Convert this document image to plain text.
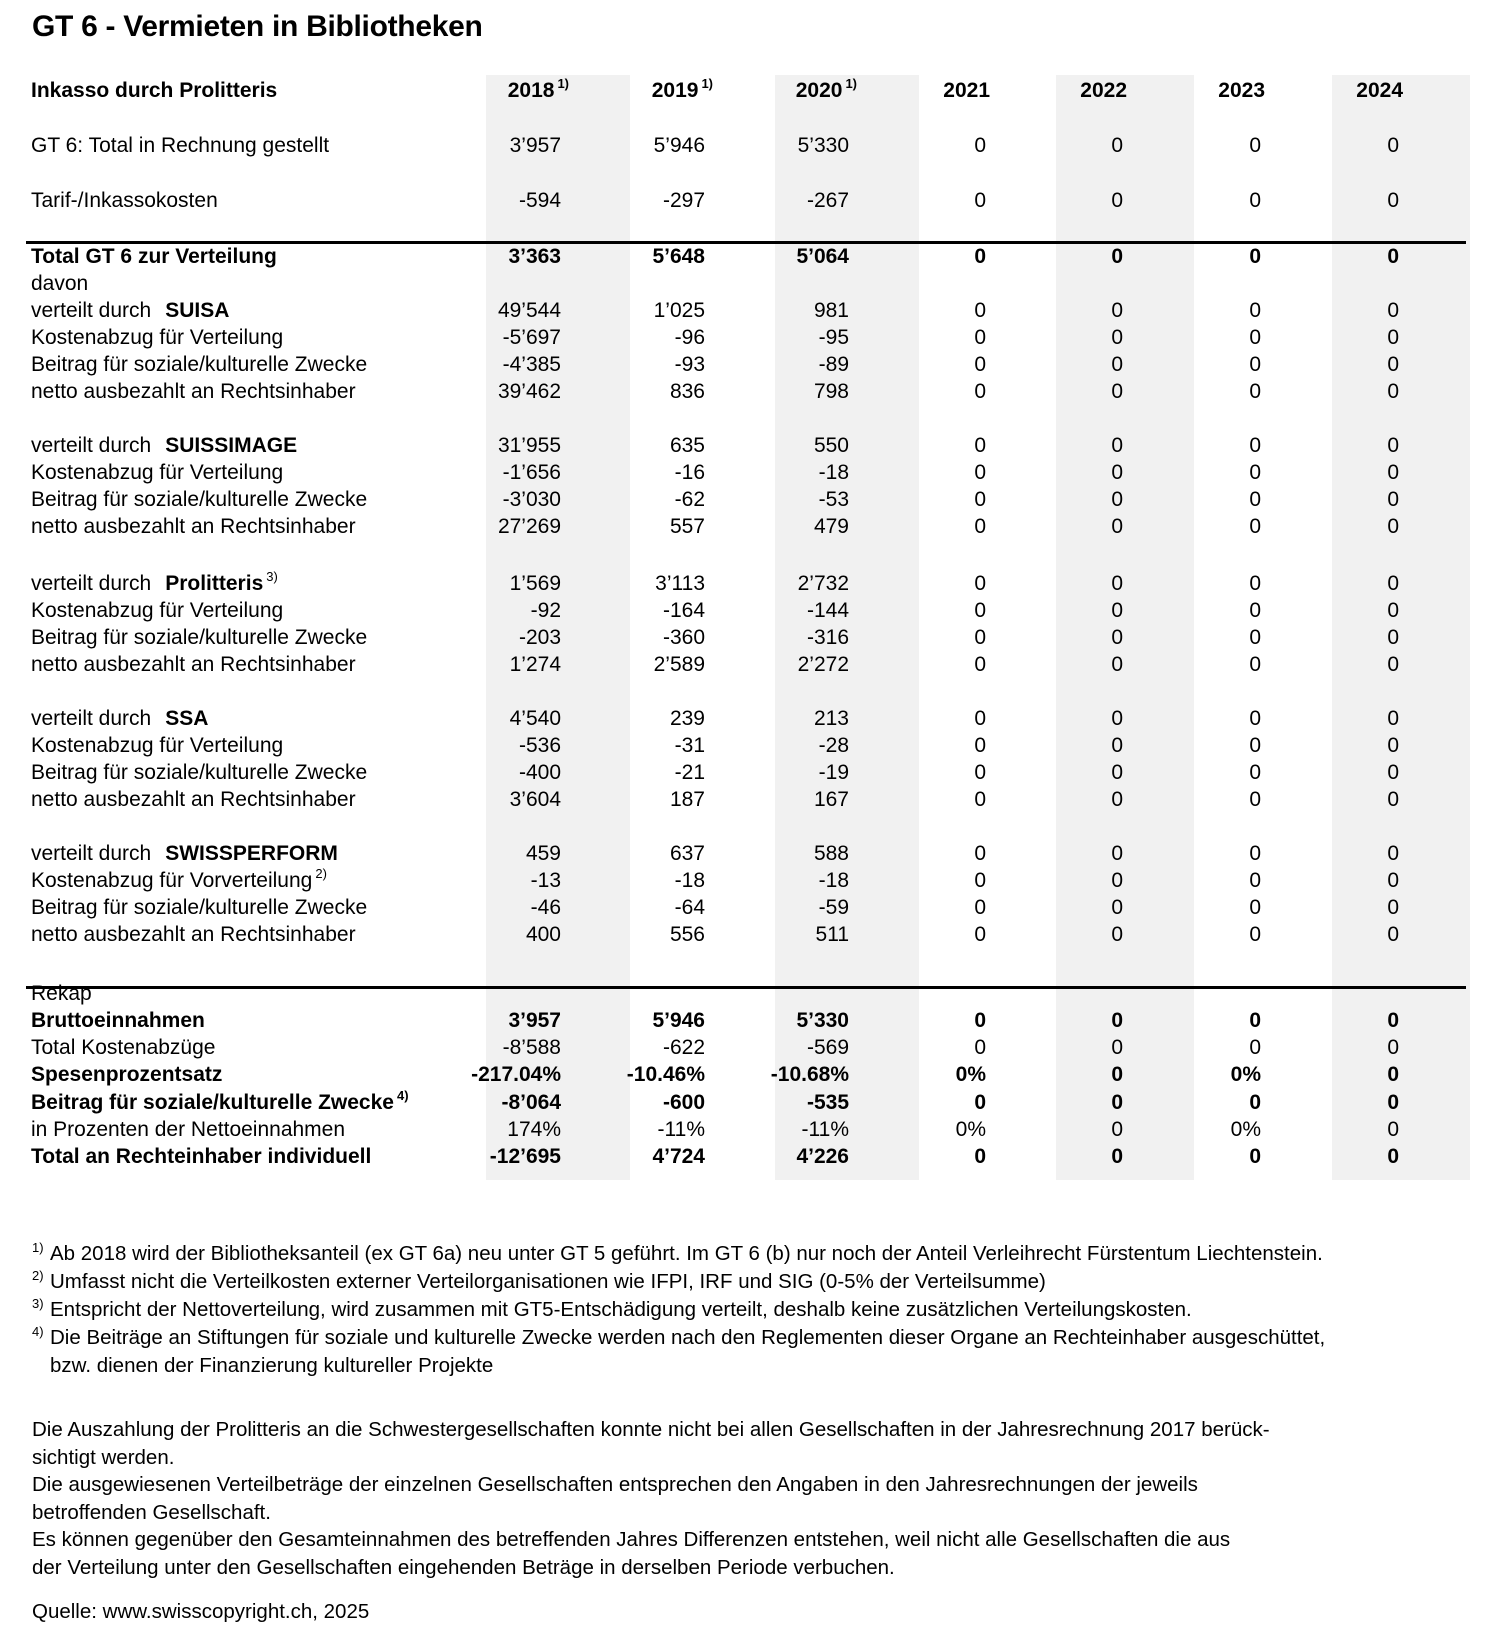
GT 6 - Vermieten in Bibliotheken
1) Ab 2018 wird der Bibliotheksanteil (ex GT 6a) neu unter GT 5 geführt. Im GT 6 (b) nur noch der Anteil Verleihrecht Fürstentum Liechtenstein.
2) Umfasst nicht die Verteilkosten externer Verteilorganisationen wie IFPI, IRF und SIG (0-5% der Verteilsumme)
3) Entspricht der Nettoverteilung, wird zusammen mit GT5-Entschädigung verteilt, deshalb keine zusätzlichen Verteilungskosten.
4) Die Beiträge an Stiftungen für soziale und kulturelle Zwecke werden nach den Reglementen dieser Organe an Rechteinhaber ausgeschüttet,
bzw. dienen der Finanzierung kultureller Projekte
Die Auszahlung der Prolitteris an die Schwestergesellschaften konnte nicht bei allen Gesellschaften in der Jahresrechnung 2017 berück-
sichtigt werden.
Die ausgewiesenen Verteilbeträge der einzelnen Gesellschaften entsprechen den Angaben in den Jahresrechnungen der jeweils
betroffenden Gesellschaft.
Es können gegenüber den Gesamteinnahmen des betreffenden Jahres Differenzen entstehen, weil nicht alle Gesellschaften die aus
der Verteilung unter den Gesellschaften eingehenden Beträge in derselben Periode verbuchen.
Quelle: www.swisscopyright.ch, 2025
Inkasso durch Prolitteris	2018 $^{1)}$	2019 $^{1)}$	2020 $^{1)}$	2021	2022	2023	2024
GT 6: Total in Rechnung gestellt	3’957	5’946	5’330	0	0	0	0
Tarif-/Inkassokosten	-594	-297	-267	0	0	0	0
Total GT 6 zur Verteilung	3’363	5’648	5’064	0	0	0	0
davon
verteilt durch SUISA	49’544	1’025	981	0	0	0	0
Kostenabzug für Verteilung	-5’697	-96	-95	0	0	0	0
Beitrag für soziale/kulturelle Zwecke	-4’385	-93	-89	0	0	0	0
netto ausbezahlt an Rechtsinhaber	39’462	836	798	0	0	0	0
verteilt durch SUISSIMAGE	31’955	635	550	0	0	0	0
Kostenabzug für Verteilung	-1’656	-16	-18	0	0	0	0
Beitrag für soziale/kulturelle Zwecke	-3’030	-62	-53	0	0	0	0
netto ausbezahlt an Rechtsinhaber	27’269	557	479	0	0	0	0
verteilt durch Prolitteris $^{3)}$	1’569	3’113	2’732	0	0	0	0
Kostenabzug für Verteilung	-92	-164	-144	0	0	0	0
Beitrag für soziale/kulturelle Zwecke	-203	-360	-316	0	0	0	0
netto ausbezahlt an Rechtsinhaber	1’274	2’589	2’272	0	0	0	0
verteilt durch SSA	4’540	239	213	0	0	0	0
Kostenabzug für Verteilung	-536	-31	-28	0	0	0	0
Beitrag für soziale/kulturelle Zwecke	-400	-21	-19	0	0	0	0
netto ausbezahlt an Rechtsinhaber	3’604	187	167	0	0	0	0
verteilt durch SWISSPERFORM	459	637	588	0	0	0	0
Kostenabzug für Vorverteilung $^{2)}$	-13	-18	-18	0	0	0	0
Beitrag für soziale/kulturelle Zwecke	-46	-64	-59	0	0	0	0
netto ausbezahlt an Rechtsinhaber	400	556	511	0	0	0	0
Rekap
Bruttoeinnahmen	3’957	5’946	5’330	0	0	0	0
Total Kostenabzüge	-8’588	-622	-569	0	0	0	0
Spesenprozentsatz	-217.04%	-10.46%	-10.68%	0%	0	0%	0
Beitrag für soziale/kulturelle Zwecke $^{4)}$	-8’064	-600	-535	0	0	0	0
in Prozenten der Nettoeinnahmen	174%	-11%	-11%	0%	0	0%	0
Total an Rechteinhaber individuell	-12’695	4’724	4’226	0	0	0	0
